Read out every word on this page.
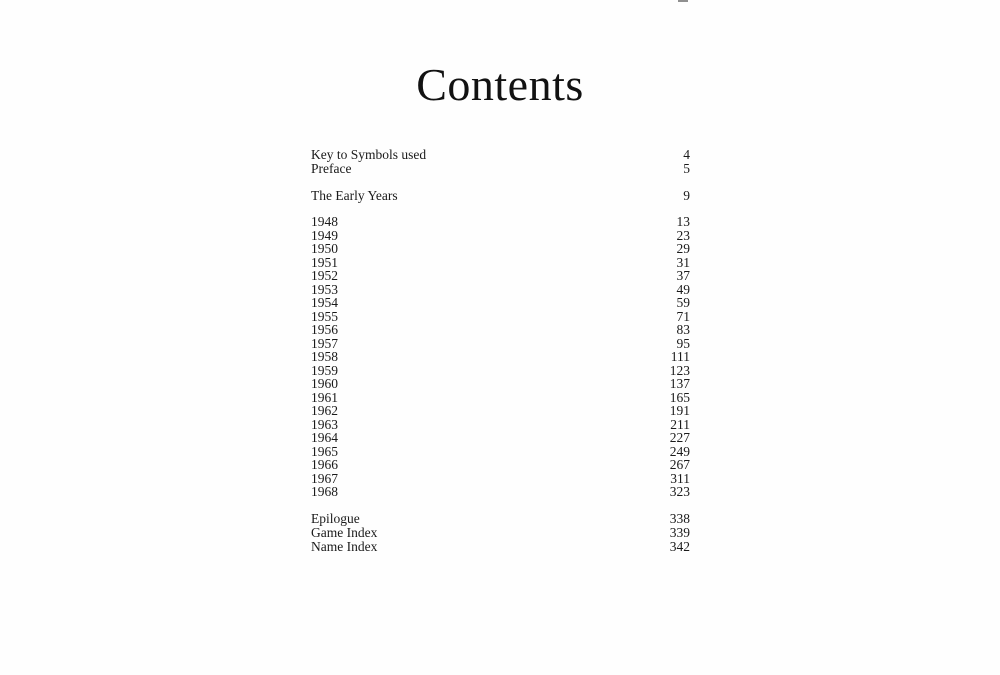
Contents
Key to Symbols used	4
Preface	5
The Early Years	9
1948	13
1949	23
1950	29
1951	31
1952	37
1953	49
1954	59
1955	71
1956	83
1957	95
1958	111
1959	123
1960	137
1961	165
1962	191
1963	211
1964	227
1965	249
1966	267
1967	311
1968	323
Epilogue	338
Game Index	339
Name Index	342
